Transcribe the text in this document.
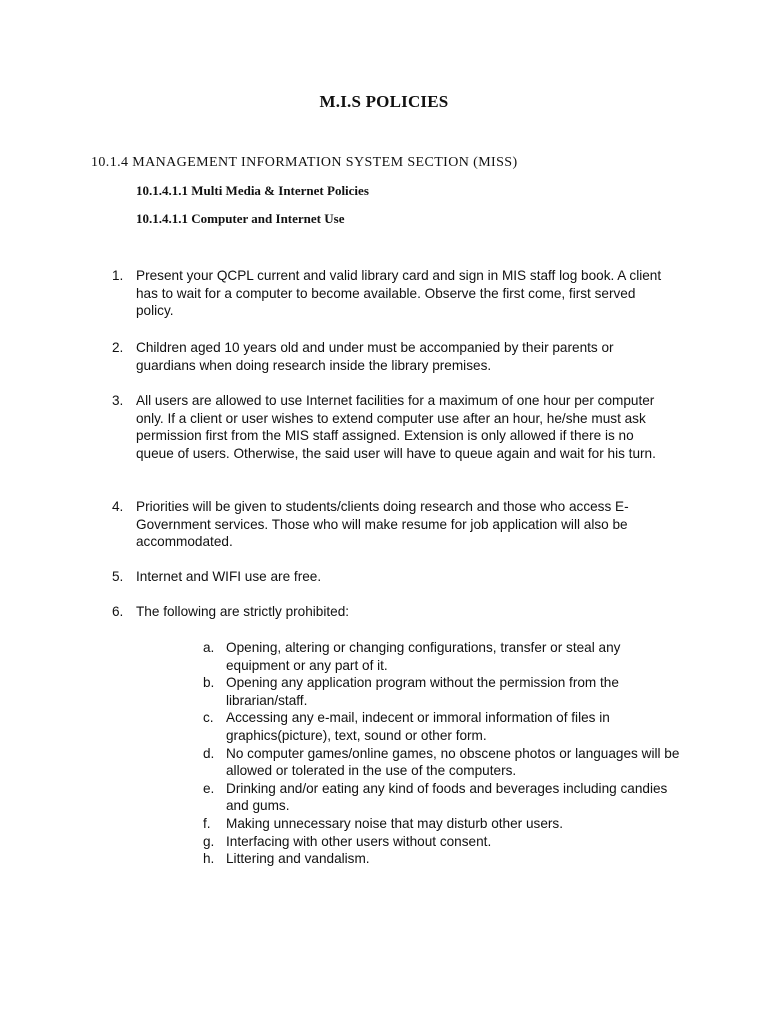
M.I.S POLICIES
10.1.4 MANAGEMENT INFORMATION SYSTEM SECTION (MISS)
10.1.4.1.1 Multi Media & Internet Policies
10.1.4.1.1 Computer and Internet Use
1. Present your QCPL current and valid library card and sign in MIS staff log book. A client has to wait for a computer to become available. Observe the first come, first served policy.
2. Children aged 10 years old and under must be accompanied by their parents or guardians when doing research inside the library premises.
3. All users are allowed to use Internet facilities for a maximum of one hour per computer only. If a client or user wishes to extend computer use after an hour, he/she must ask permission first from the MIS staff assigned. Extension is only allowed if there is no queue of users. Otherwise, the said user will have to queue again and wait for his turn.
4. Priorities will be given to students/clients doing research and those who access E-Government services. Those who will make resume for job application will also be accommodated.
5. Internet and WIFI use are free.
6. The following are strictly prohibited:
a. Opening, altering or changing configurations, transfer or steal any equipment or any part of it.
b. Opening any application program without the permission from the librarian/staff.
c. Accessing any e-mail, indecent or immoral information of files in graphics(picture), text, sound or other form.
d. No computer games/online games, no obscene photos or languages will be allowed or tolerated in the use of the computers.
e. Drinking and/or eating any kind of foods and beverages including candies and gums.
f. Making unnecessary noise that may disturb other users.
g. Interfacing with other users without consent.
h. Littering and vandalism.
